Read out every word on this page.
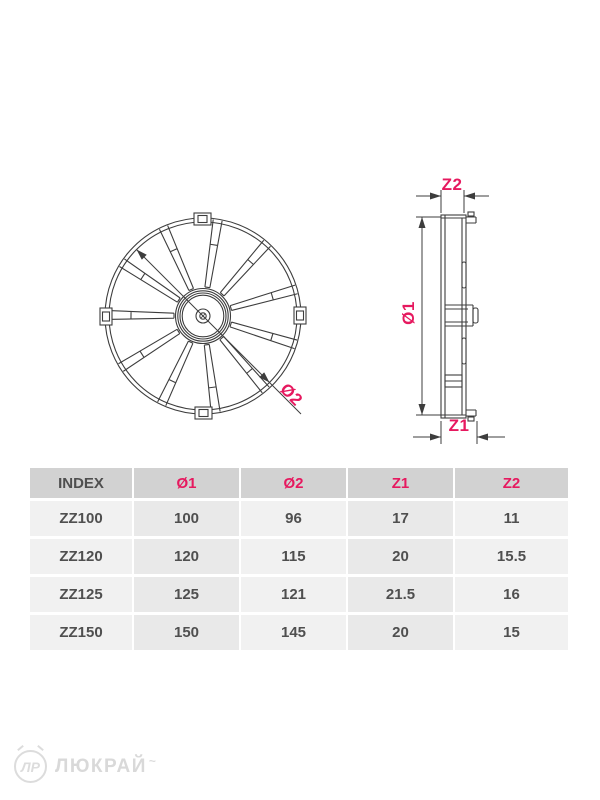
Ø2
Z2
Ø1
Z1
INDEX	Ø1	Ø2	Z1	Z2
ZZ100	100	96	17	11
ZZ120	120	115	20	15.5
ZZ125	125	121	21.5	16
ZZ150	150	145	20	15
ЛР ЛЮКРАЙ ~
